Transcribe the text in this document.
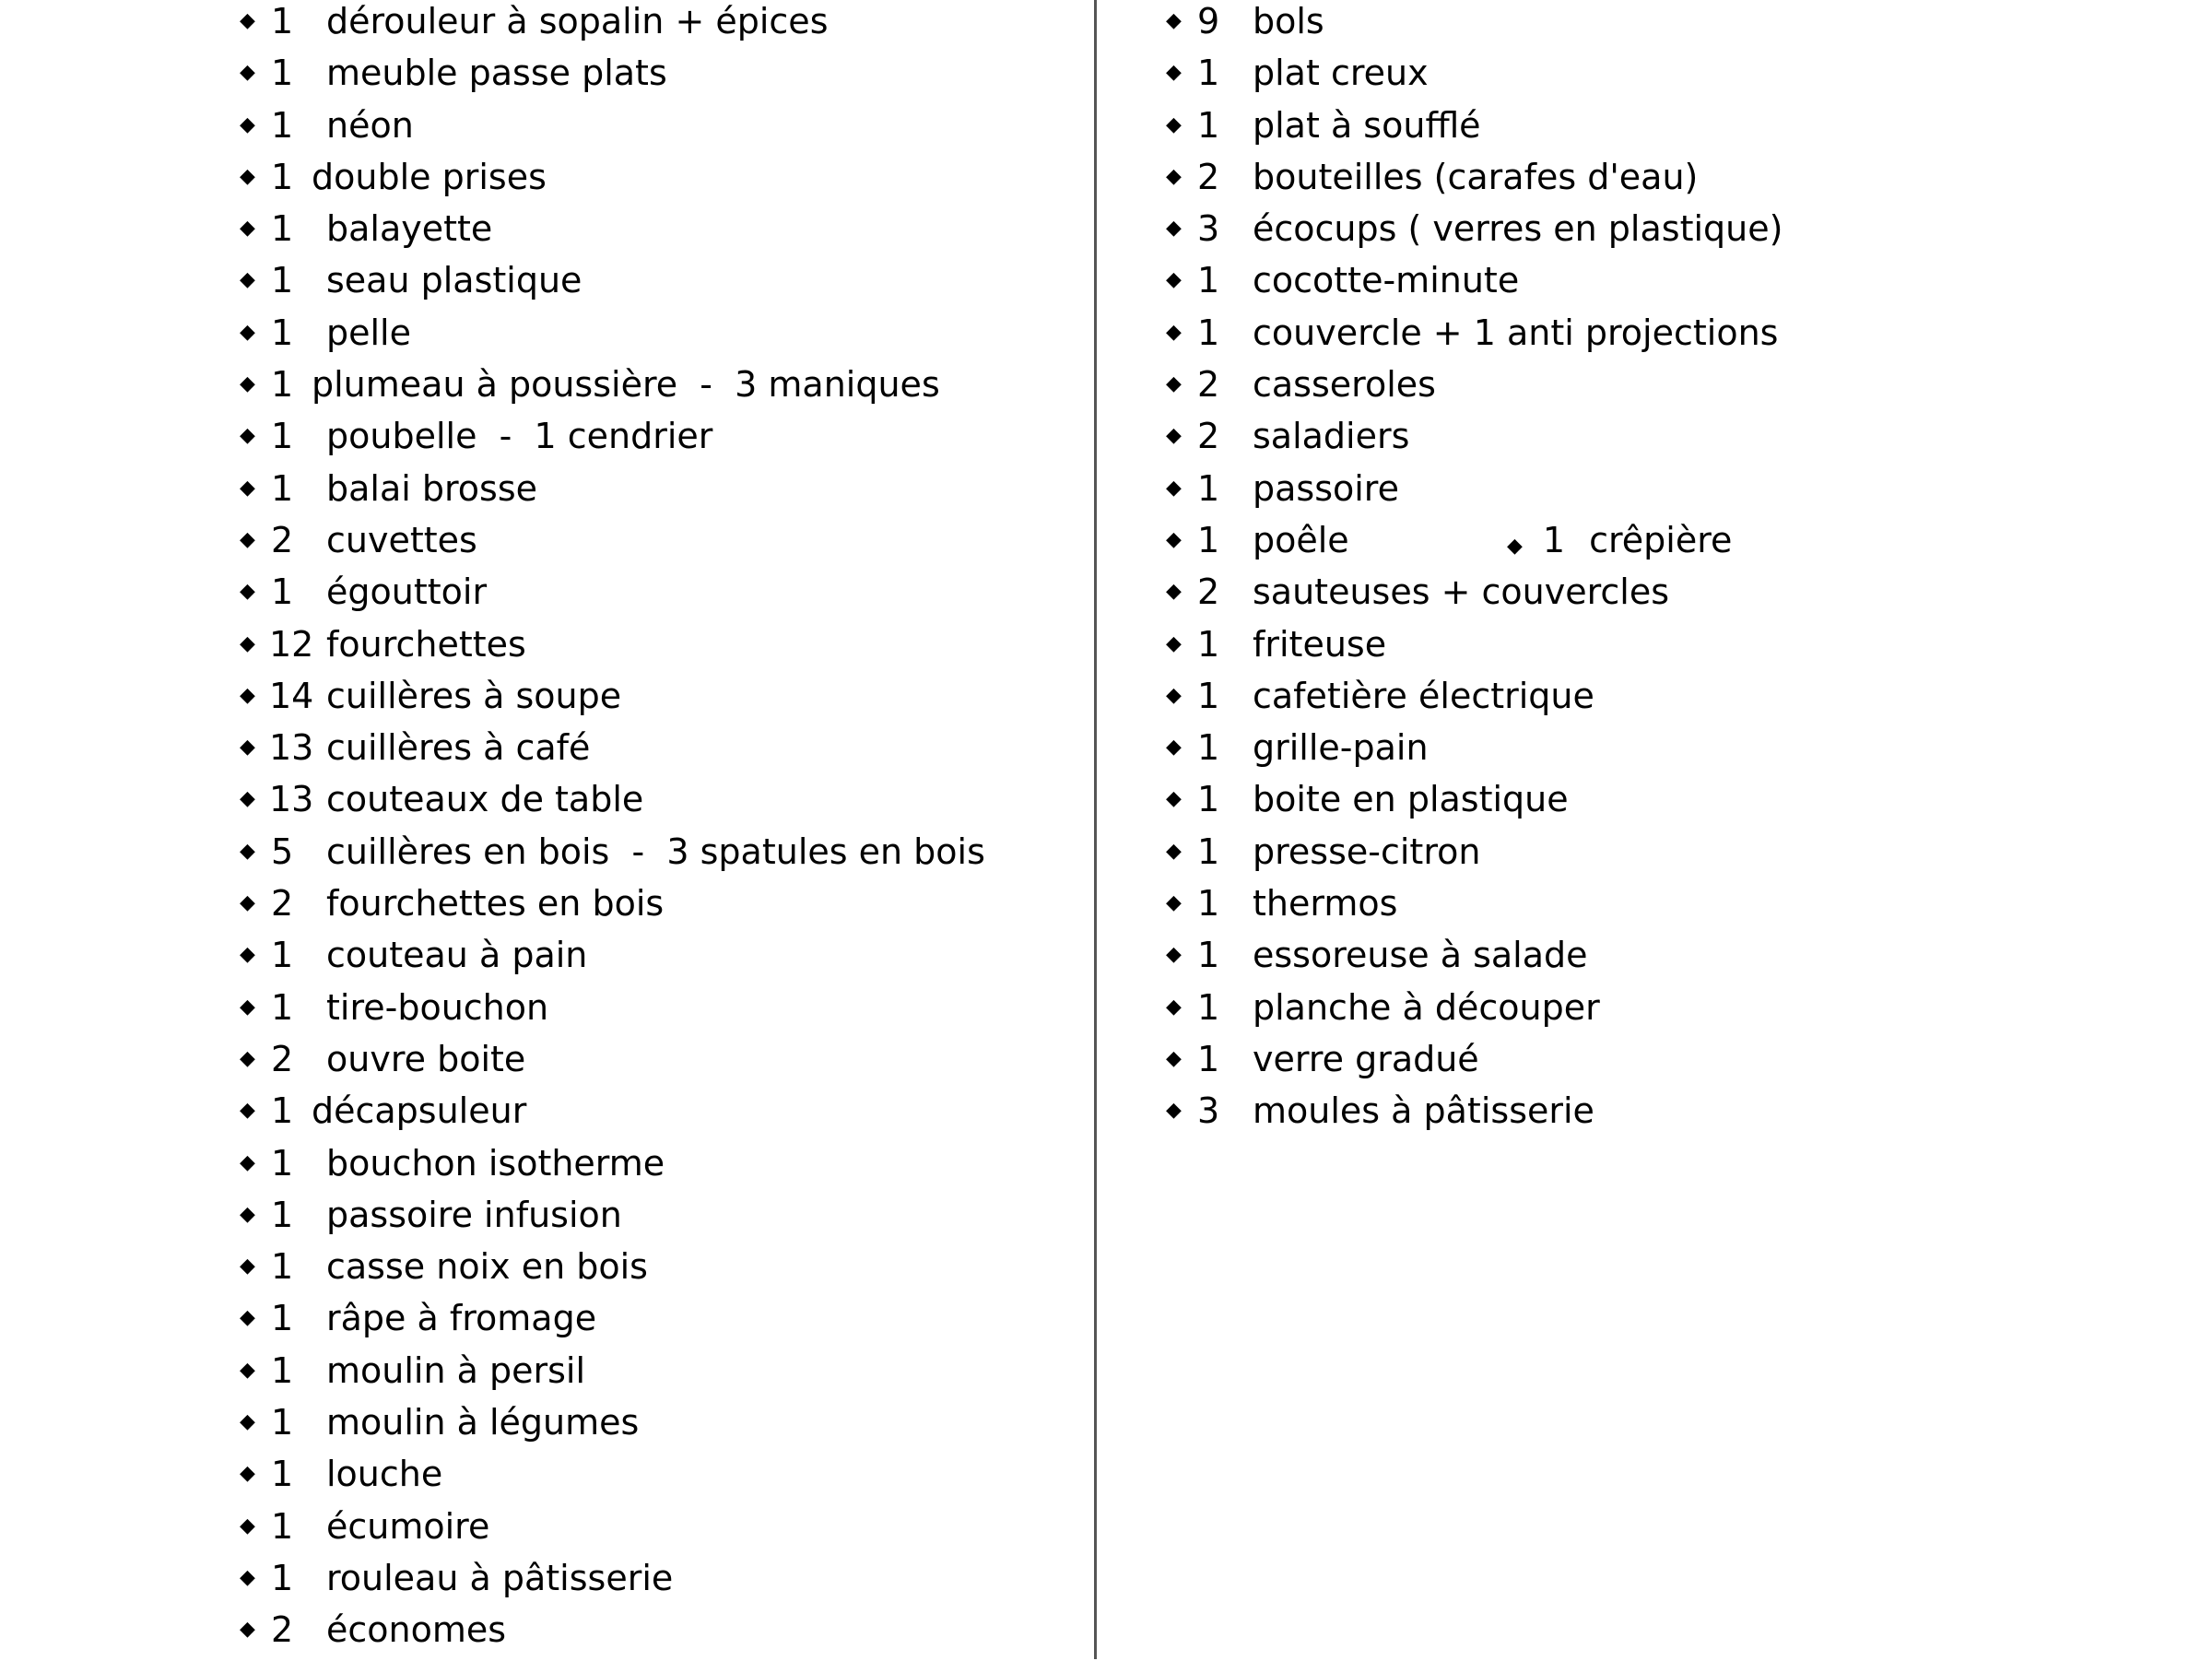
◆ 1 dérouleur à sopalin + épices
◆ 1 meuble passe plats
◆ 1 néon
◆ 1 double prises
◆ 1 balayette
◆ 1 seau plastique
◆ 1 pelle
◆ 1 plumeau à poussière  -  3 maniques
◆ 1 poubelle  -  1 cendrier
◆ 1 balai brosse
◆ 2 cuvettes
◆ 1 égouttoir
◆ 12 fourchettes
◆ 14 cuillères à soupe
◆ 13 cuillères à café
◆ 13 couteaux de table
◆ 5 cuillères en bois  -  3 spatules en bois
◆ 2 fourchettes en bois
◆ 1 couteau à pain
◆ 1 tire-bouchon
◆ 2 ouvre boite
◆ 1 décapsuleur
◆ 1 bouchon isotherme
◆ 1 passoire infusion
◆ 1 casse noix en bois
◆ 1 râpe à fromage
◆ 1 moulin à persil
◆ 1 moulin à légumes
◆ 1 louche
◆ 1 écumoire
◆ 1 rouleau à pâtisserie
◆ 2 économes
◆ 9 bols
◆ 1 plat creux
◆ 1 plat à soufflé
◆ 2 bouteilles (carafes d'eau)
◆ 3 écocups ( verres en plastique)
◆ 1 cocotte-minute
◆ 1 couvercle + 1 anti projections
◆ 2 casseroles
◆ 2 saladiers
◆ 1 passoire
◆ 1 poêle	◆ 1 crêpière
◆ 2 sauteuses + couvercles
◆ 1 friteuse
◆ 1 cafetière électrique
◆ 1 grille-pain
◆ 1 boite en plastique
◆ 1 presse-citron
◆ 1 thermos
◆ 1 essoreuse à salade
◆ 1 planche à découper
◆ 1 verre gradué
◆ 3 moules à pâtisserie
